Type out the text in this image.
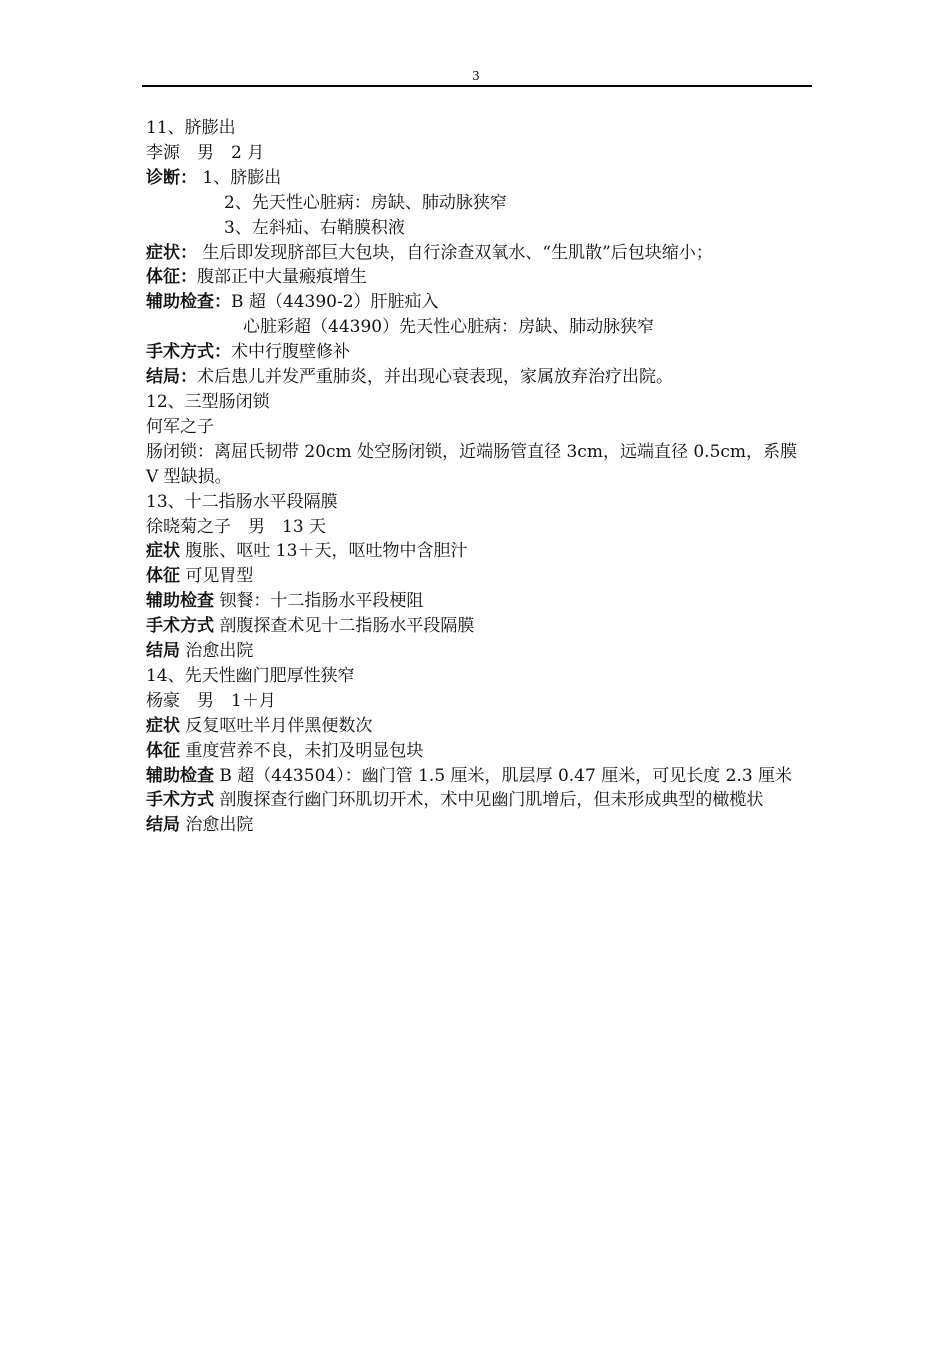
3
11、脐膨出
李源　男　2 月
诊断： 1、脐膨出
2、先天性心脏病：房缺、肺动脉狭窄
3、左斜疝、右鞘膜积液
症状： 生后即发现脐部巨大包块，自行涂查双氧水、“生肌散”后包块缩小；
体征：腹部正中大量瘢痕增生
辅助检查：B 超（44390-2）肝脏疝入
心脏彩超（44390）先天性心脏病：房缺、肺动脉狭窄
手术方式：术中行腹壁修补
结局：术后患儿并发严重肺炎，并出现心衰表现，家属放弃治疗出院。
12、三型肠闭锁
何军之子
肠闭锁：离屈氏韧带 20cm 处空肠闭锁，近端肠管直径 3cm，远端直径 0.5cm，系膜 V 型缺损。
13、十二指肠水平段隔膜
徐晓菊之子　男　13 天
症状 腹胀、呕吐 13＋天，呕吐物中含胆汁
体征 可见胃型
辅助检查 钡餐：十二指肠水平段梗阻
手术方式 剖腹探查术见十二指肠水平段隔膜
结局 治愈出院
14、先天性幽门肥厚性狭窄
杨豪　男　1＋月
症状 反复呕吐半月伴黑便数次
体征 重度营养不良，未扪及明显包块
辅助检查 B 超（443504）：幽门管 1.5 厘米，肌层厚 0.47 厘米，可见长度 2.3 厘米
手术方式 剖腹探查行幽门环肌切开术，术中见幽门肌增后，但未形成典型的橄榄状
结局 治愈出院
